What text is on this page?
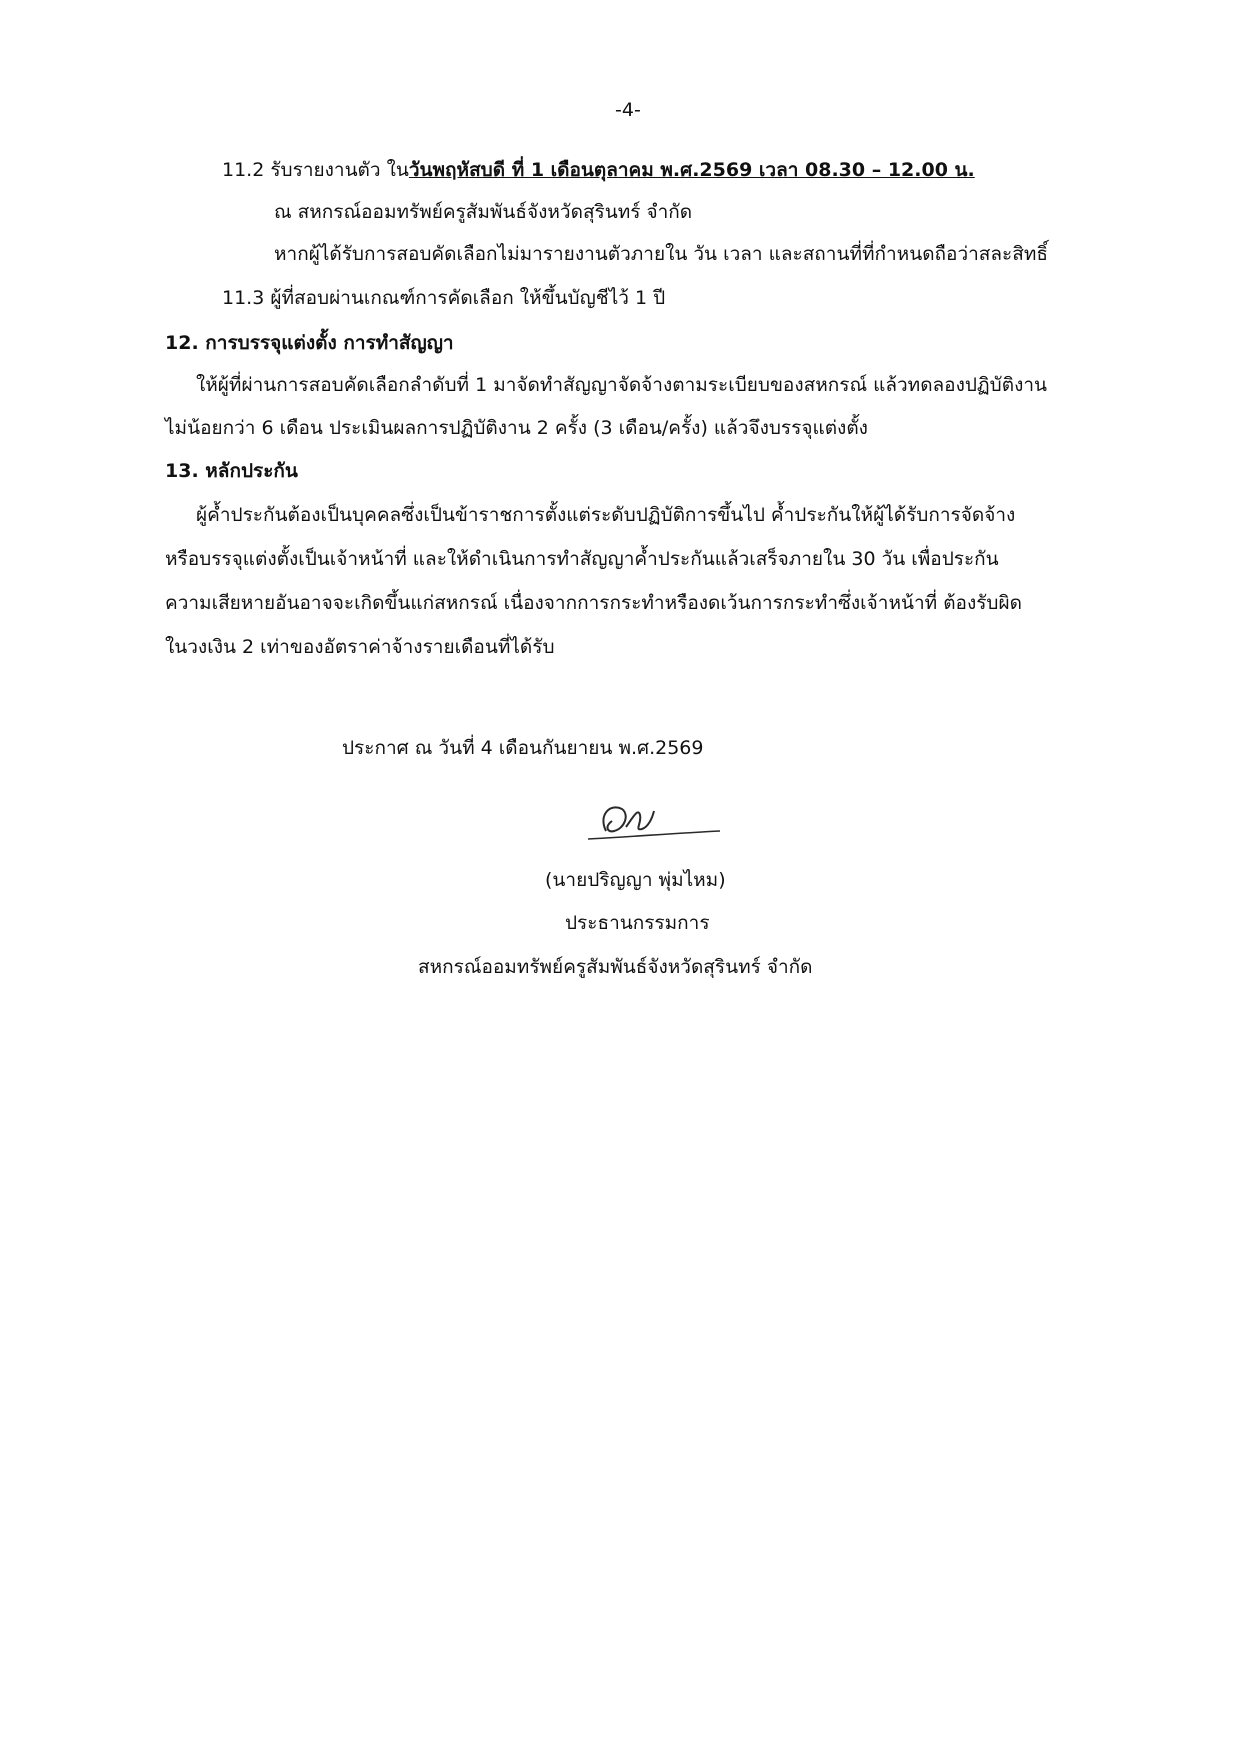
-4-
11.2 รับรายงานตัว ในวันพฤหัสบดี ที่ 1 เดือนตุลาคม พ.ศ.2569 เวลา 08.30 – 12.00 น.
ณ สหกรณ์ออมทรัพย์ครูสัมพันธ์จังหวัดสุรินทร์ จำกัด
หากผู้ได้รับการสอบคัดเลือกไม่มารายงานตัวภายใน วัน เวลา และสถานที่ที่กำหนดถือว่าสละสิทธิ์
11.3 ผู้ที่สอบผ่านเกณฑ์การคัดเลือก ให้ขึ้นบัญชีไว้ 1 ปี
12. การบรรจุแต่งตั้ง การทำสัญญา
ให้ผู้ที่ผ่านการสอบคัดเลือกลำดับที่ 1 มาจัดทำสัญญาจัดจ้างตามระเบียบของสหกรณ์ แล้วทดลองปฏิบัติงาน
ไม่น้อยกว่า 6 เดือน ประเมินผลการปฏิบัติงาน 2 ครั้ง (3 เดือน/ครั้ง) แล้วจึงบรรจุแต่งตั้ง
13. หลักประกัน
ผู้ค้ำประกันต้องเป็นบุคคลซึ่งเป็นข้าราชการตั้งแต่ระดับปฏิบัติการขึ้นไป ค้ำประกันให้ผู้ได้รับการจัดจ้าง
หรือบรรจุแต่งตั้งเป็นเจ้าหน้าที่ และให้ดำเนินการทำสัญญาค้ำประกันแล้วเสร็จภายใน 30 วัน เพื่อประกัน
ความเสียหายอันอาจจะเกิดขึ้นแก่สหกรณ์ เนื่องจากการกระทำหรืองดเว้นการกระทำซึ่งเจ้าหน้าที่ ต้องรับผิด
ในวงเงิน 2 เท่าของอัตราค่าจ้างรายเดือนที่ได้รับ
ประกาศ ณ วันที่ 4 เดือนกันยายน พ.ศ.2569
(นายปริญญา พุ่มไหม)
ประธานกรรมการ
สหกรณ์ออมทรัพย์ครูสัมพันธ์จังหวัดสุรินทร์ จำกัด
